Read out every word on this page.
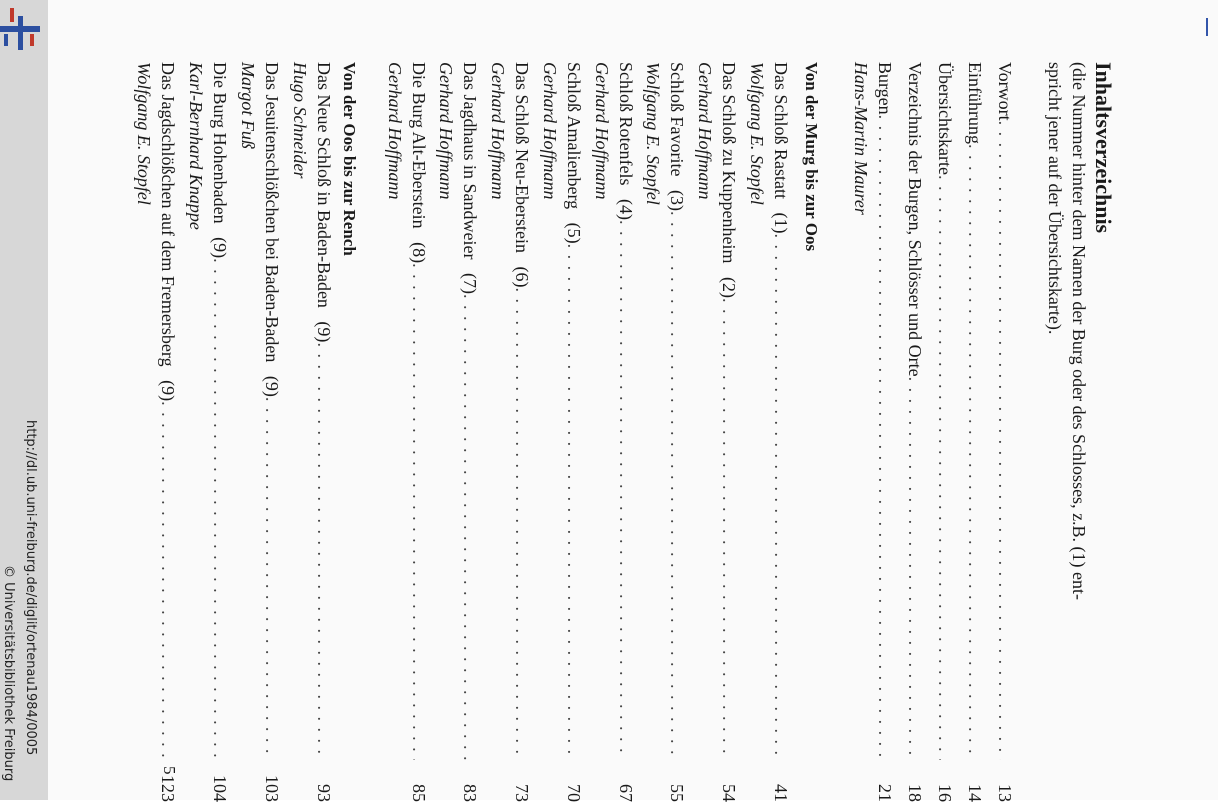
http://dl.ub.uni-freiburg.de/diglit/ortenau1984/0005
© Universitätsbibliothek Freiburg
Inhaltsverzeichnis
(die Nummer hinter dem Namen der Burg oder des Schlosses, z.B. (1) ent-
spricht jener auf der Übersichtskarte).
Vorwort
. . .
13
Einführung
. . .
14
Übersichtskarte
. . .
16
Verzeichnis der Burgen, Schlösser und Orte
. . .
18
Burgen
. . .
21
Hans-Martin Maurer
Von der Murg bis zur Oos
Das Schloß Rastatt   (1)
. . .
41
Wolfgang E. Stopfel
Das Schloß zu Kuppenheim   (2)
. . .
54
Gerhard Hoffmann
Schloß Favorite   (3)
. . .
55
Wolfgang E. Stopfel
Schloß Rotenfels   (4)
. . .
67
Gerhard Hoffmann
Schloß Amalienberg   (5)
. . .
70
Gerhard Hoffmann
Das Schloß Neu-Eberstein   (6)
. . .
73
Gerhard Hoffmann
Das Jagdhaus in Sandweier   (7)
. . .
83
Gerhard Hoffmann
Die Burg Alt-Eberstein   (8)
. . .
85
Gerhard Hoffmann
Von der Oos bis zur Rench
Das Neue Schloß in Baden-Baden   (9)
. . .
93
Hugo Schneider
Das Jesuitenschlößchen bei Baden-Baden   (9)
. . .
103
Margot Fuß
Die Burg Hohenbaden   (9)
. . .
104
Karl-Bernhard Knappe
Das Jagdschlößchen auf dem Fremersberg   (9)
. . .
123
Wolfgang E. Stopfel
5
